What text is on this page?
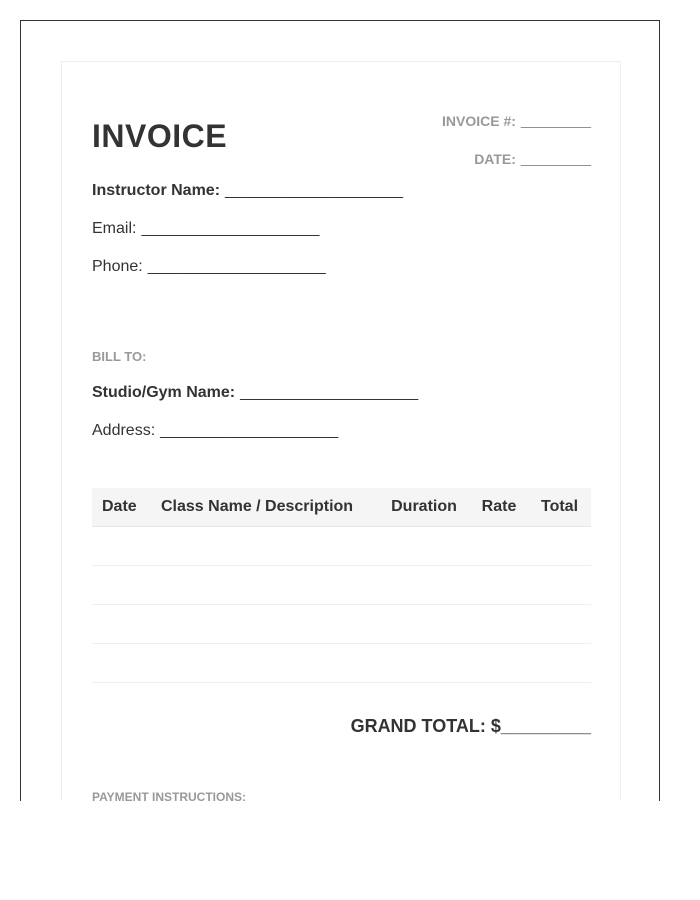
INVOICE	INVOICE #: _________
DATE: _________
Instructor Name: ____________________
Email: ____________________
Phone: ____________________
BILL TO:
Studio/Gym Name: ____________________
Address: ____________________
Date	Class Name / Description	Duration	Rate	Total

GRAND TOTAL: $_________
PAYMENT INSTRUCTIONS:
